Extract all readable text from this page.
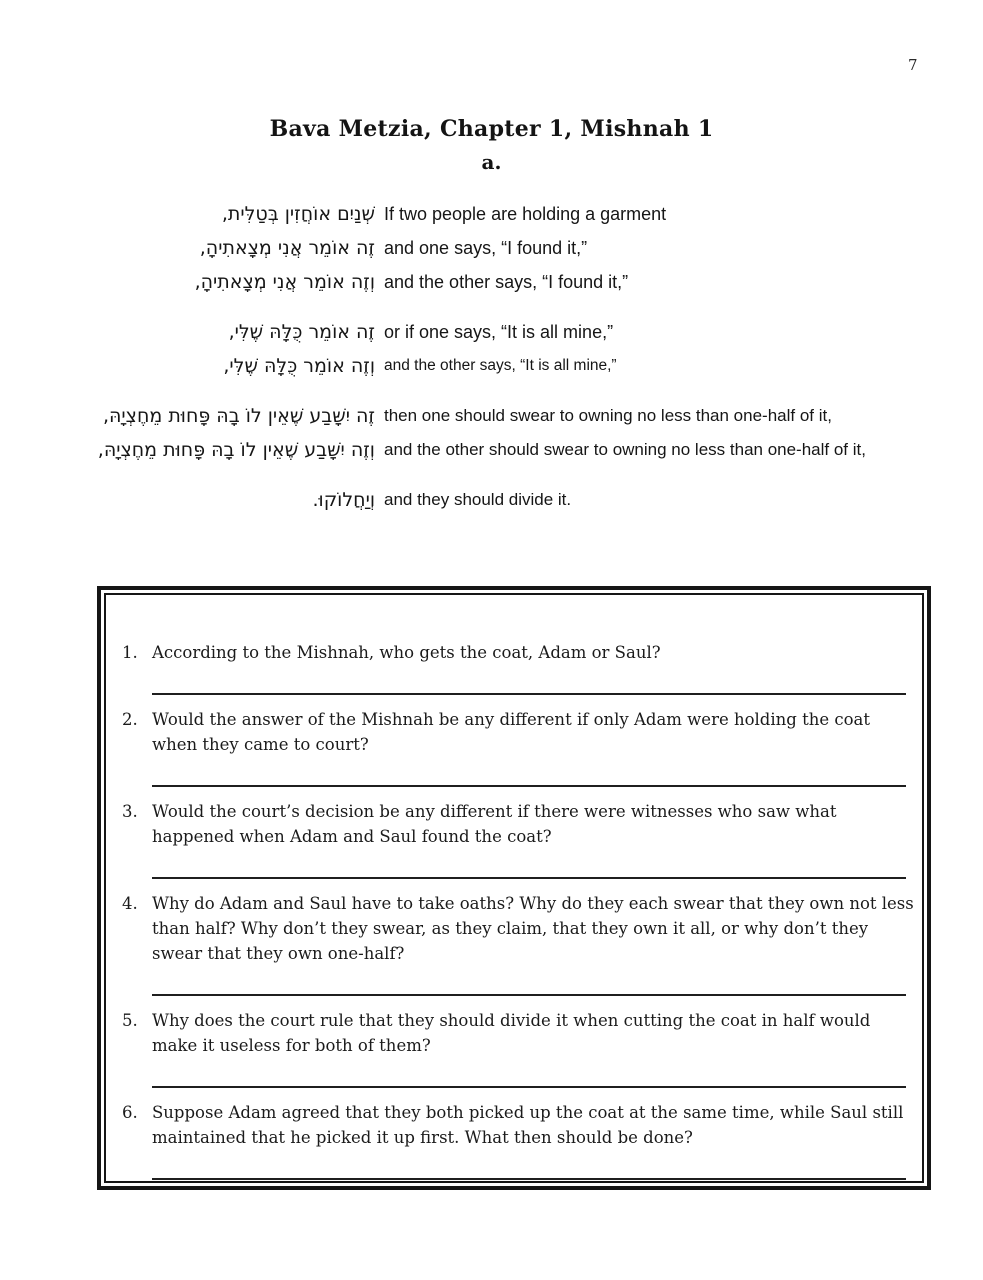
7
Bava Metzia, Chapter 1, Mishnah 1
a.
שְׁנַיִם אוֹחֲזִין בְּטַלִּית, If two people are holding a garment
זֶה אוֹמֵר אֲנִי מְצָאתִיהָ, and one says, “I found it,”
וְזֶה אוֹמֵר אֲנִי מְצָאתִיהָ, and the other says, “I found it,”
זֶה אוֹמֵר כֻּלָּהּ שֶׁלִּי, or if one says, “It is all mine,”
וְזֶה אוֹמֵר כֻּלָּהּ שֶׁלִּי, and the other says, “It is all mine,”
זֶה יִשָּׁבַע שֶׁאֵין לוֹ בָהּ פָּחוּת מֵחֶצְיָהּ, then one should swear to owning no less than one-half of it,
וְזֶה יִשָּׁבַע שֶׁאֵין לוֹ בָהּ פָּחוּת מֵחֶצְיָהּ, and the other should swear to owning no less than one-half of it,
וְיַחֲלוֹקוּ. and they should divide it.
1. According to the Mishnah, who gets the coat, Adam or Saul?
2. Would the answer of the Mishnah be any different if only Adam were holding the coat when they came to court?
3. Would the court’s decision be any different if there were witnesses who saw what happened when Adam and Saul found the coat?
4. Why do Adam and Saul have to take oaths? Why do they each swear that they own not less than half? Why don’t they swear, as they claim, that they own it all, or why don’t they swear that they own one-half?
5. Why does the court rule that they should divide it when cutting the coat in half would make it useless for both of them?
6. Suppose Adam agreed that they both picked up the coat at the same time, while Saul still maintained that he picked it up first. What then should be done?
